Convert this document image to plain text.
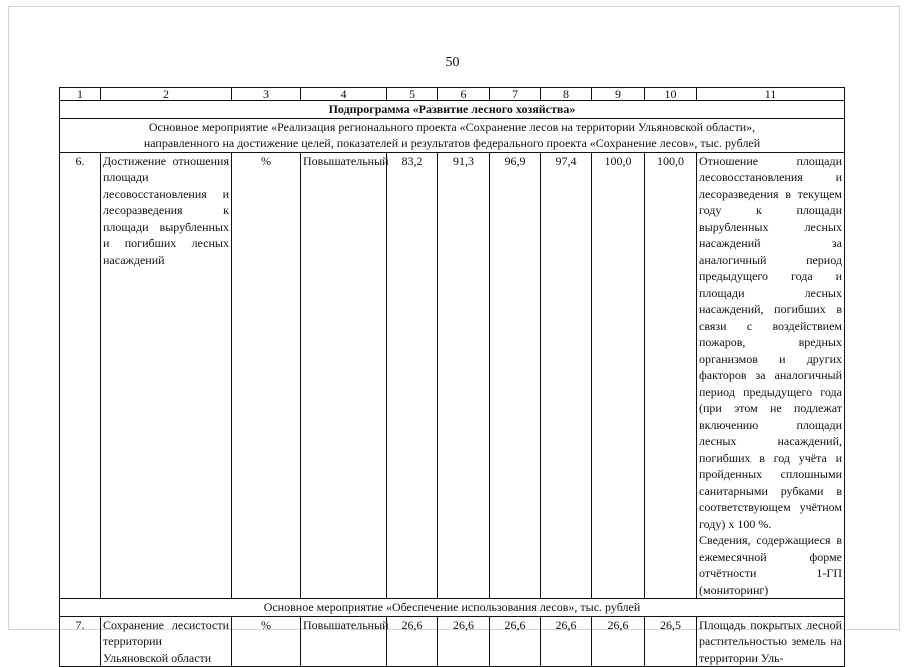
50
1	2	3	4	5	6	7	8	9	10	11
Подпрограмма «Развитие лесного хозяйства»										
Основное мероприятие «Реализация регионального проекта «Сохранение лесов на территории Ульяновской области»,
направленного на достижение целей, показателей и результатов федерального проекта «Сохранение лесов», тыс. рублей										
6.	Достижение отношения площади лесовосстановления и лесоразведения к площади вырубленных и погибших лесных насаждений	%	Повышательный	83,2	91,3	96,9	97,4	100,0	100,0	Отношение площади лесовосстановления и лесоразведения в текущем году к площади вырубленных лесных насаждений за аналогичный период предыдущего года и площади лесных насаждений, погибших в связи с воздействием пожаров, вредных организмов и других факторов за аналогичный период предыдущего года (при этом не подлежат включению площади лесных насаждений, погибших в год учёта и пройденных сплошными санитарными рубками в соответствующем учётном году) x 100 %.
Сведения, содержащиеся в ежемесячной форме отчётности 1-ГП (мониторинг)

Основное мероприятие «Обеспечение использования лесов», тыс. рублей										
7.	Сохранение лесистости территории Ульяновской области	%	Повышательный	26,6	26,6	26,6	26,6	26,6	26,5	Площадь покрытых лесной растительностью земель на территории Уль-
